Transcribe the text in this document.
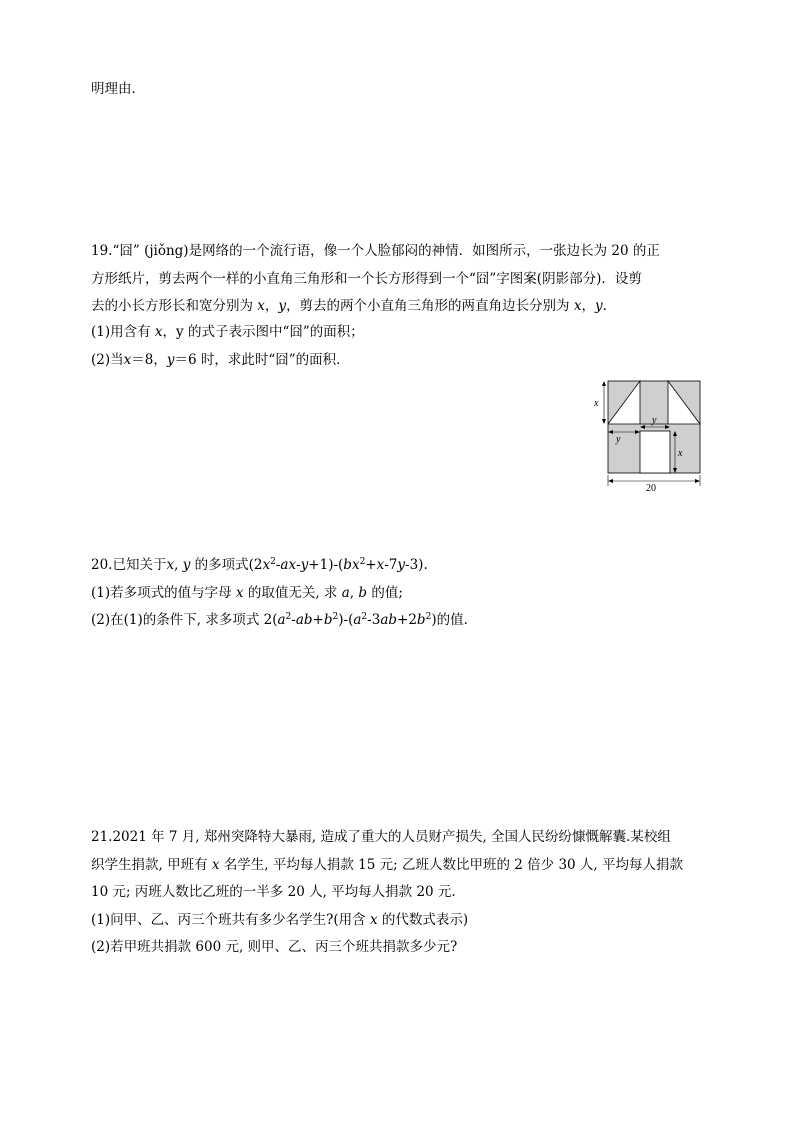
明理由．
19.“囧” (jiǒng)是网络的一个流行语，像一个人脸郁闷的神情．如图所示，一张边长为 20 的正
方形纸片，剪去两个一样的小直角三角形和一个长方形得到一个“囧”字图案(阴影部分)．设剪
去的小长方形长和宽分别为 x，y，剪去的两个小直角三角形的两直角边长分别为 x，y.
(1)用含有 x，y 的式子表示图中“囧”的面积；
(2)当x＝8，y＝6 时，求此时“囧”的面积．
x
y
y
x
20
20.已知关于x, y 的多项式$(2x^2-ax-y+1)-(bx^2+x-7y-3)$.
(1)若多项式的值与字母 x 的取值无关, 求 a, b 的值;
(2)在(1)的条件下, 求多项式 $2(a^2-ab+b^2)-(a^2-3ab+2b^2)$的值.
21.2021 年 7 月, 郑州突降特大暴雨, 造成了重大的人员财产损失, 全国人民纷纷慷慨解囊.某校组
织学生捐款, 甲班有 x 名学生, 平均每人捐款 15 元; 乙班人数比甲班的 2 倍少 30 人, 平均每人捐款
10 元; 丙班人数比乙班的一半多 20 人, 平均每人捐款 20 元.
(1)问甲、乙、丙三个班共有多少名学生?(用含 x 的代数式表示)
(2)若甲班共捐款 600 元, 则甲、乙、丙三个班共捐款多少元?
